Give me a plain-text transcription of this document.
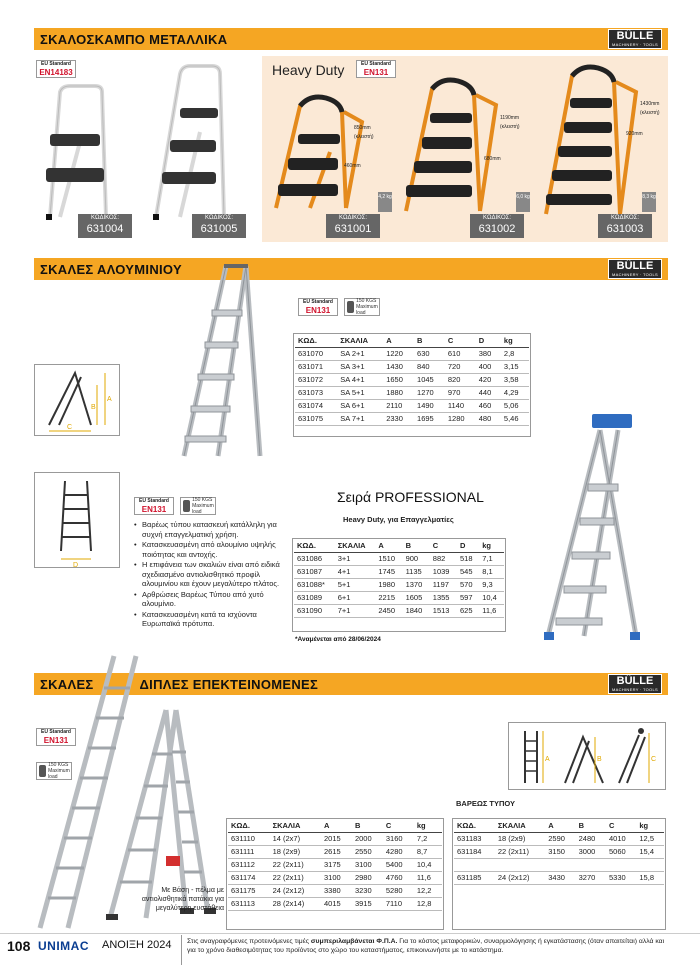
ΣΚΑΛΟΣΚΑΜΠΟ ΜΕΤΑΛΛΙΚΑ	BÜLLE
MACHINERY · TOOLS
EU Standard
EN14183
ΚΩΔΙΚΟΣ:
631004
ΚΩΔΙΚΟΣ:
631005
Heavy Duty	EU Standard
EN131
850mm (κλειστή)
460mm
4,2 kg
1190mm (κλειστή)
680mm
6,0 kg
1430mm (κλειστή)
920mm
8,3 kg
ΚΩΔΙΚΟΣ:
631001
ΚΩΔΙΚΟΣ:
631002
ΚΩΔΙΚΟΣ:
631003
ΣΚΑΛΕΣ ΑΛΟΥΜΙΝΙΟΥ	BÜLLE
MACHINERY · TOOLS
A
B
C
D
EU Standard
EN131
150 KGS
Maximum load
ΚΩΔ.	ΣΚΑΛΙΑ	A	B	C	D	kg
631070	SA 2+1	1220	630	610	380	2,8
631071	SA 3+1	1430	840	720	400	3,15
631072	SA 4+1	1650	1045	820	420	3,58
631073	SA 5+1	1880	1270	970	440	4,29
631074	SA 6+1	2110	1490	1140	460	5,06
631075	SA 7+1	2330	1695	1280	480	5,46
EU Standard
EN131
150 KGS
Maximum load
• Βαρέως τύπου κατασκευή κατάλληλη για συχνή επαγγελματική χρήση.
• Κατασκευασμένη από αλουμίνιο υψηλής ποιότητας και αντοχής.
• Η επιφάνεια των σκαλιών είναι από ειδικά σχεδιασμένο αντιολισθητικό προφίλ αλουμινίου και έχουν μεγαλύτερο πλάτος.
• Αρθρώσεις Βαρέως Τύπου από χυτό αλουμίνιο.
• Κατασκευασμένη κατά τα ισχύοντα Ευρωπαϊκά πρότυπα.
Σειρά PROFESSIONAL
Heavy Duty, για Επαγγελματίες
ΚΩΔ.	ΣΚΑΛΙΑ	A	B	C	D	kg
631086	3+1	1510	900	882	518	7,1
631087	4+1	1745	1135	1039	545	8,1
631088*	5+1	1980	1370	1197	570	9,3
631089	6+1	2215	1605	1355	597	10,4
631090	7+1	2450	1840	1513	625	11,6
*Αναμένεται από 28/06/2024
ΣΚΑΛΕΣ	ΔΙΠΛΕΣ ΕΠΕΚΤΕΙΝΟΜΕΝΕΣ	BÜLLE
MACHINERY · TOOLS
EU Standard
EN131
150 KGS
Maximum load
Με Βάση - πέλμα με αντιολισθητικά πατάκια για μεγαλύτερη ευστάθεια
A	B	C
ΒΑΡΕΩΣ ΤΥΠΟΥ
ΚΩΔ.	ΣΚΑΛΙΑ	A	B	C	kg
631110	14 (2x7)	2015	2000	3160	7,2
631111	18 (2x9)	2615	2550	4280	8,7
631112	22 (2x11)	3175	3100	5400	10,4
631174	22 (2x11)	3100	2980	4760	11,6
631175	24 (2x12)	3380	3230	5280	12,2
631113	28 (2x14)	4015	3915	7110	12,8
ΚΩΔ.	ΣΚΑΛΙΑ	A	B	C	kg
631183	18 (2x9)	2590	2480	4010	12,5
631184	22 (2x11)	3150	3000	5060	15,4

631185	24 (2x12)	3430	3270	5330	15,8
108 UNIMAC ΑΝΟΙΞΗ 2024 Στις αναγραφόμενες προτεινόμενες τιμές συμπεριλαμβάνεται Φ.Π.Α. Για το κόστος μεταφορικών, συναρμολόγησης ή εγκατάστασης (όταν απαιτείται) αλλά και για το χρόνο διαθεσιμότητας του προϊόντος στο χώρο του καταστήματος, επικοινωνήστε με το κατάστημα.
